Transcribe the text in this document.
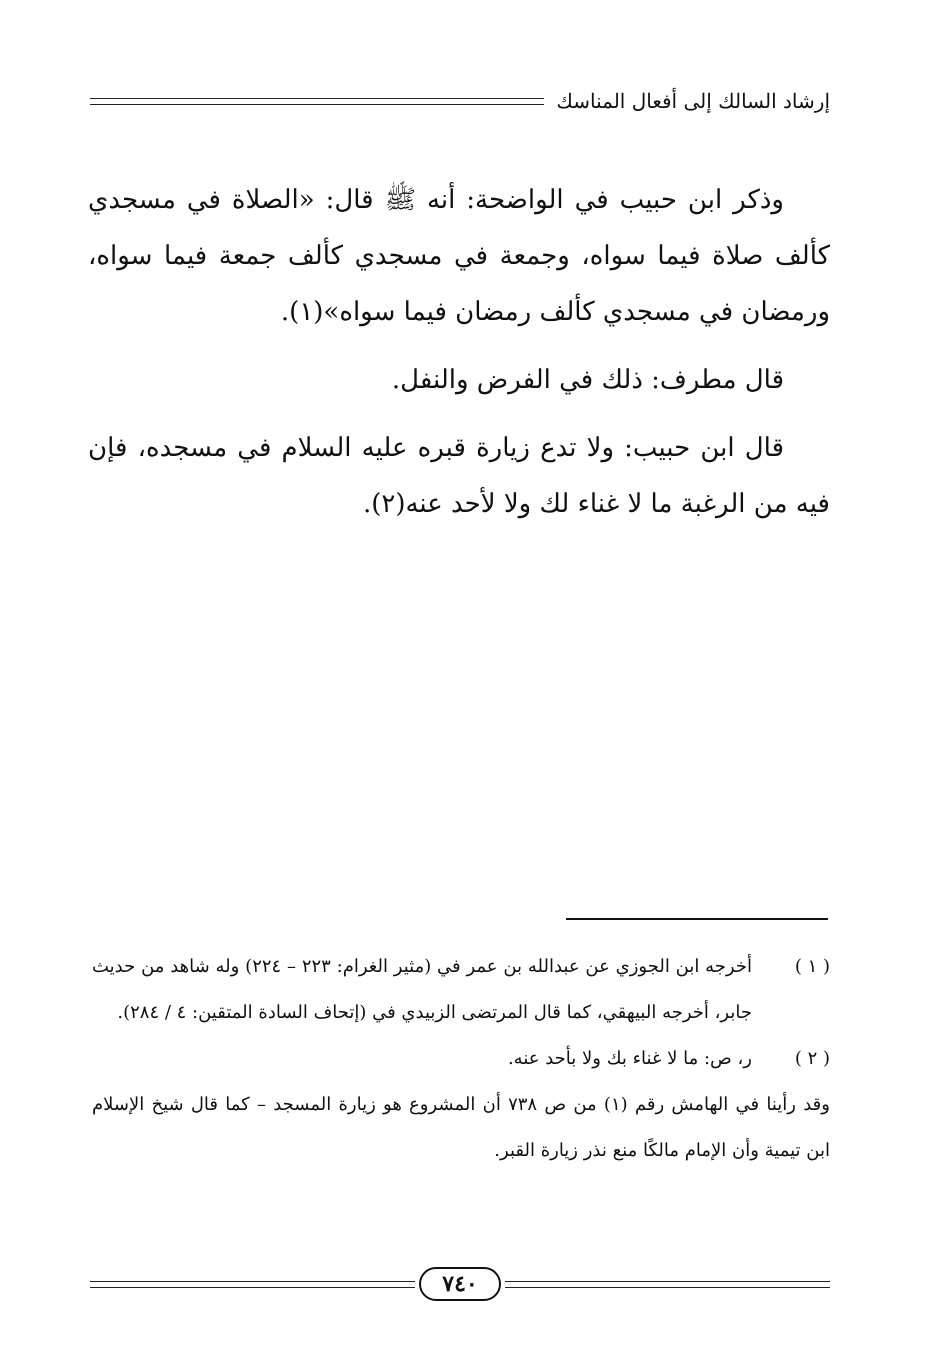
إرشاد السالك إلى أفعال المناسك

وذكر ابن حبيب في الواضحة: أنه ﷺ قال: «الصلاة في مسجدي كألف صلاة فيما سواه، وجمعة في مسجدي كألف جمعة فيما سواه، ورمضان في مسجدي كألف رمضان فيما سواه»(١).

قال مطرف: ذلك في الفرض والنفل.

قال ابن حبيب: ولا تدع زيارة قبره عليه السلام في مسجده، فإن فيه من الرغبة ما لا غناء لك ولا لأحد عنه(٢).

( ١ )
أخرجه ابن الجوزي عن عبدالله بن عمر في (مثير الغرام: ٢٢٣ – ٢٢٤) وله شاهد من حديث جابر، أخرجه البيهقي، كما قال المرتضى الزبيدي في (إتحاف السادة المتقين: ٤ / ٢٨٤).
( ٢ )
ر، ص: ما لا غناء بك ولا بأحد عنه.
وقد رأينا في الهامش رقم (١) من ص ٧٣٨ أن المشروع هو زيارة المسجد – كما قال شيخ الإسلام ابن تيمية وأن الإمام مالكًا منع نذر زيارة القبر.
٧٤٠
